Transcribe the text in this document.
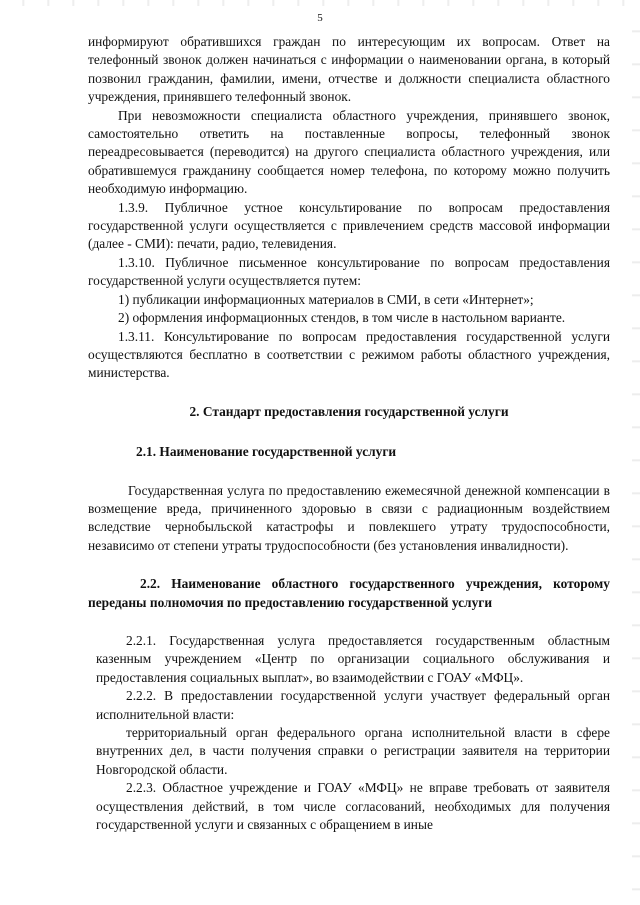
5

информируют обратившихся граждан по интересующим их вопросам. Ответ на телефонный звонок должен начинаться с информации о наименовании органа, в который позвонил гражданин, фамилии, имени, отчестве и должности специалиста областного учреждения, принявшего телефонный звонок.

При невозможности специалиста областного учреждения, принявшего звонок, самостоятельно ответить на поставленные вопросы, телефонный звонок переадресовывается (переводится) на другого специалиста областного учреждения, или обратившемуся гражданину сообщается номер телефона, по которому можно получить необходимую информацию.

1.3.9. Публичное устное консультирование по вопросам предоставления государственной услуги осуществляется с привлечением средств массовой информации (далее - СМИ): печати, радио, телевидения.

1.3.10. Публичное письменное консультирование по вопросам предоставления государственной услуги осуществляется путем:

1) публикации информационных материалов в СМИ, в сети «Интернет»;

2) оформления информационных стендов, в том числе в настольном варианте.

1.3.11. Консультирование по вопросам предоставления государственной услуги осуществляются бесплатно в соответствии с режимом работы областного учреждения, министерства.

2. Стандарт предоставления государственной услуги

2.1. Наименование государственной услуги

Государственная услуга по предоставлению ежемесячной денежной компенсации в возмещение вреда, причиненного здоровью в связи с радиационным воздействием вследствие чернобыльской катастрофы и повлекшего утрату трудоспособности, независимо от степени утраты трудоспособности (без установления инвалидности).

2.2. Наименование областного государственного учреждения, которому переданы полномочия по предоставлению государственной услуги

2.2.1. Государственная услуга предоставляется государственным областным казенным учреждением «Центр по организации социального обслуживания и предоставления социальных выплат», во взаимодействии с ГОАУ «МФЦ».

2.2.2. В предоставлении государственной услуги участвует федеральный орган исполнительной власти:

территориальный орган федерального органа исполнительной власти в сфере внутренних дел, в части получения справки о регистрации заявителя на территории Новгородской области.

2.2.3. Областное учреждение и ГОАУ «МФЦ» не вправе требовать от заявителя осуществления действий, в том числе согласований, необходимых для получения государственной услуги и связанных с обращением в иные
